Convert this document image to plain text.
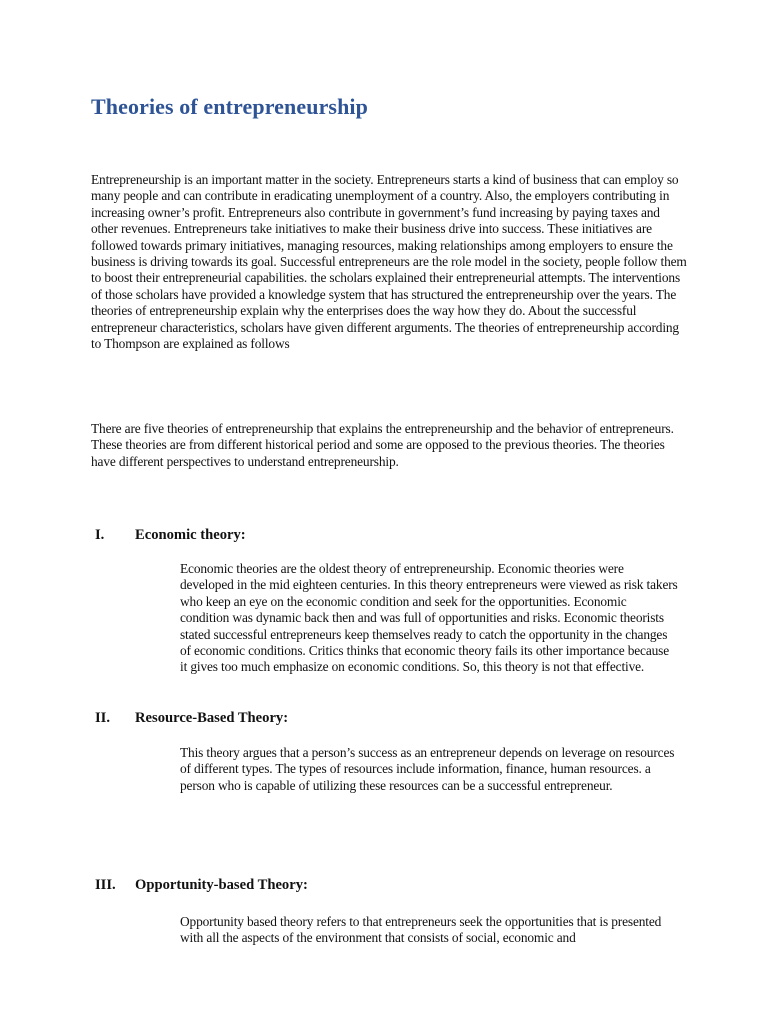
Theories of entrepreneurship

Entrepreneurship is an important matter in the society. Entrepreneurs starts a kind of business that can employ so many people and can contribute in eradicating unemployment of a country. Also, the employers contributing in increasing owner’s profit. Entrepreneurs also contribute in government’s fund increasing by paying taxes and other revenues. Entrepreneurs take initiatives to make their business drive into success. These initiatives are followed towards primary initiatives, managing resources, making relationships among employers to ensure the business is driving towards its goal. Successful entrepreneurs are the role model in the society, people follow them to boost their entrepreneurial capabilities. the scholars explained their entrepreneurial attempts. The interventions of those scholars have provided a knowledge system that has structured the entrepreneurship over the years. The theories of entrepreneurship explain why the enterprises does the way how they do. About the successful entrepreneur characteristics, scholars have given different arguments. The theories of entrepreneurship according to Thompson are explained as follows

There are five theories of entrepreneurship that explains the entrepreneurship and the behavior of entrepreneurs. These theories are from different historical period and some are opposed to the previous theories. The theories have different perspectives to understand entrepreneurship.

I. Economic theory:

Economic theories are the oldest theory of entrepreneurship. Economic theories were developed in the mid eighteen centuries. In this theory entrepreneurs were viewed as risk takers who keep an eye on the economic condition and seek for the opportunities. Economic condition was dynamic back then and was full of opportunities and risks. Economic theorists stated successful entrepreneurs keep themselves ready to catch the opportunity in the changes of economic conditions. Critics thinks that economic theory fails its other importance because it gives too much emphasize on economic conditions. So, this theory is not that effective.

II. Resource-Based Theory:

This theory argues that a person’s success as an entrepreneur depends on leverage on resources of different types. The types of resources include information, finance, human resources. a person who is capable of utilizing these resources can be a successful entrepreneur.

III. Opportunity-based Theory:

Opportunity based theory refers to that entrepreneurs seek the opportunities that is presented with all the aspects of the environment that consists of social, economic and
